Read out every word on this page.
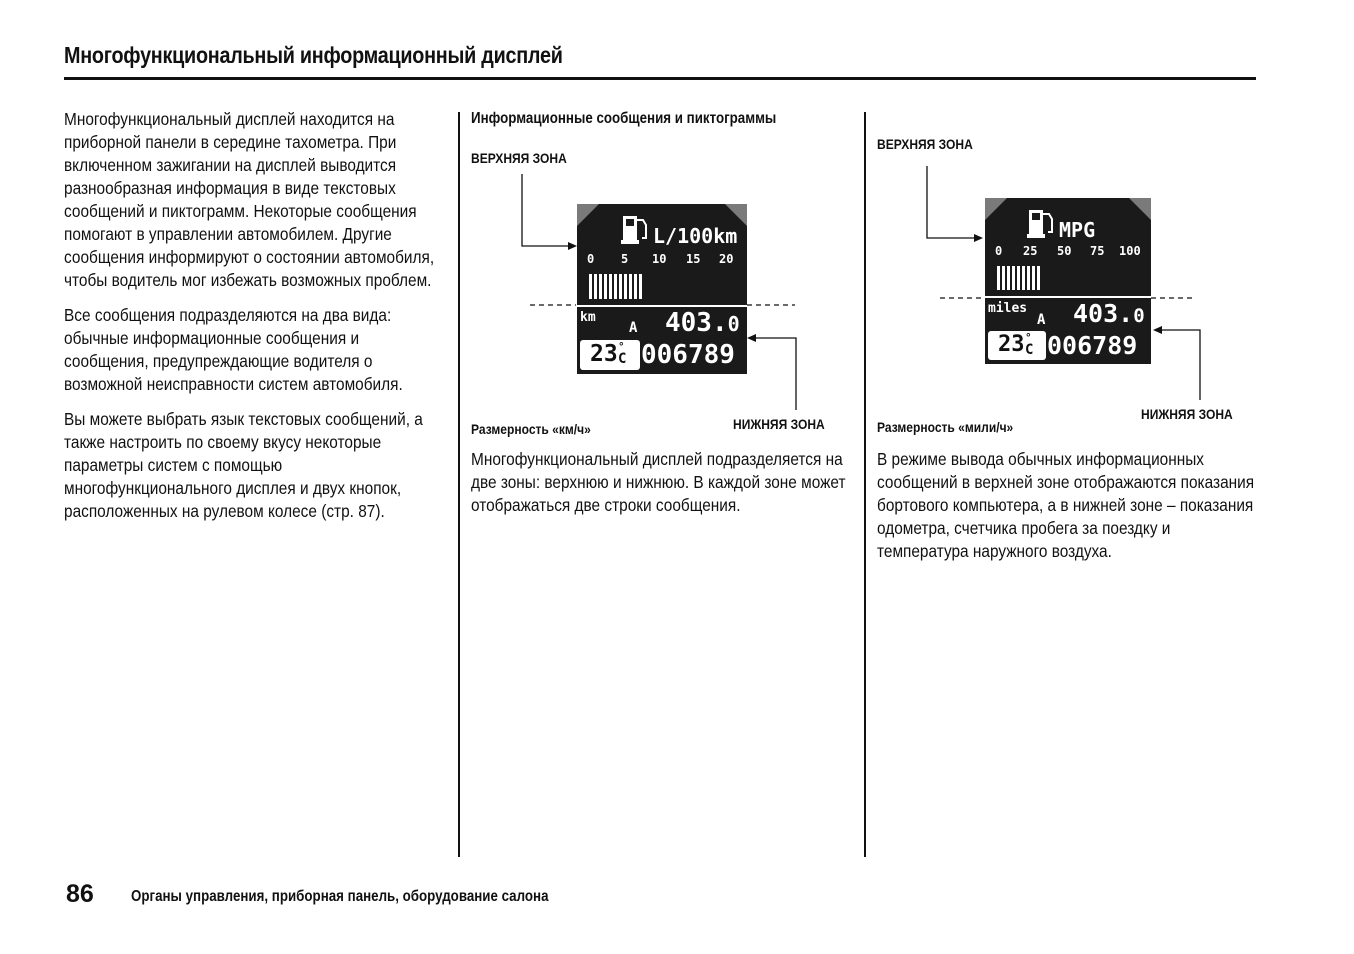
Многофункциональный информационный дисплей

Многофункциональный дисплей находится на приборной панели в середине тахометра. При включенном зажигании на дисплей выводится разнообразная информация в виде текстовых сообщений и пиктограмм. Некоторые сообщения помогают в управлении автомобилем. Другие сообщения информируют о состоянии автомобиля, чтобы водитель мог избежать возможных проблем.

Все сообщения подразделяются на два вида: обычные информационные сообщения и сообщения, предупреждающие водителя о возможной неисправности систем автомобиля.

Вы можете выбрать язык текстовых сообщений, а также настроить по своему вкусу некоторые параметры систем с помощью многофункционального дисплея и двух кнопок, расположенных на рулевом колесе (стр. 87).

Информационные сообщения и пиктограммы
ВЕРХНЯЯ ЗОНА
L/100km
0 5 10 15 20
km
A 403.0
23 °
C 006789
НИЖНЯЯ ЗОНА
Размерность «км/ч»
Многофункциональный дисплей подразделяется на две зоны: верхнюю и нижнюю. В каждой зоне может отображаться две строки сообщения.
ВЕРХНЯЯ ЗОНА
MPG
0 25 50 75 100
miles
A 403.0
23 °
C 006789
НИЖНЯЯ ЗОНА
Размерность «мили/ч»
В режиме вывода обычных информационных сообщений в верхней зоне отображаются показания бортового компьютера, а в нижней зоне – показания одометра, счетчика пробега за поездку и температура наружного воздуха.
86 Органы управления, приборная панель, оборудование салона
